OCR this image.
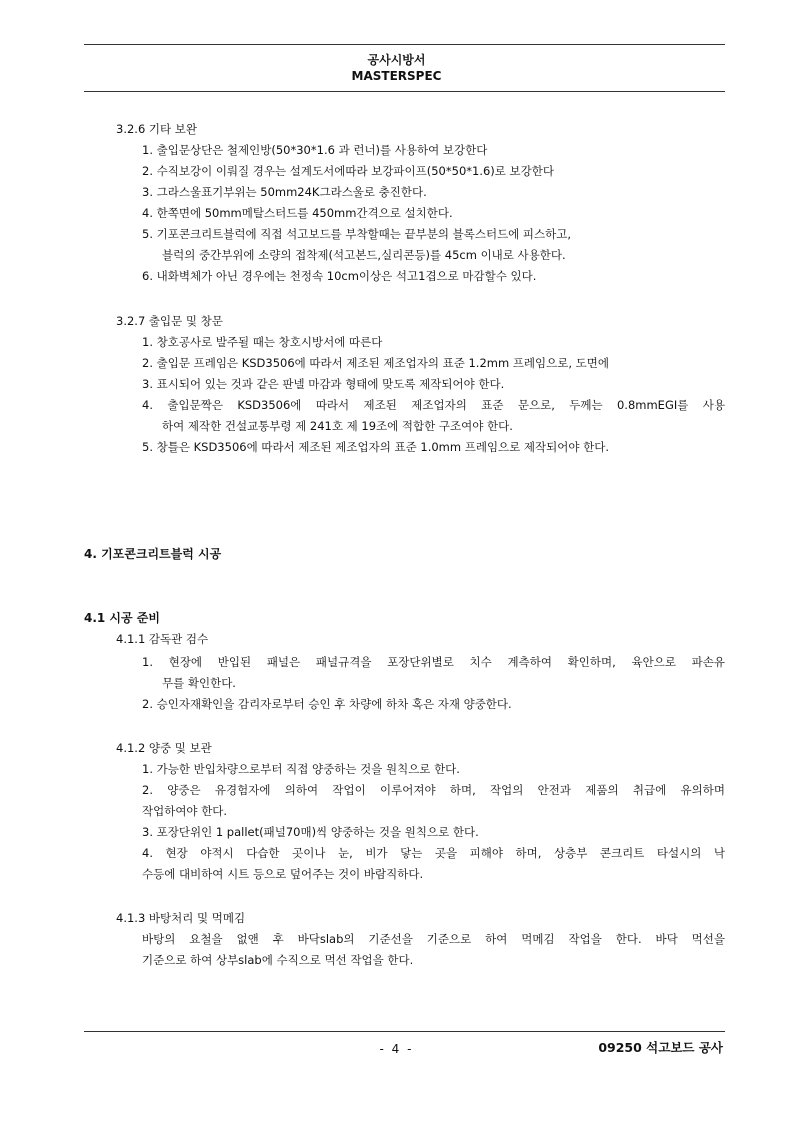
공사시방서
MASTERSPEC
3.2.6 기타 보완
1. 출입문상단은 철제인방(50*30*1.6 과 런너)를 사용하여 보강한다
2. 수직보강이 이뤄질 경우는 설계도서에따라 보강파이프(50*50*1.6)로 보강한다
3. 그라스울표기부위는 50mm24K그라스울로 충진한다.
4. 한쪽면에 50mm메탈스터드를 450mm간격으로 설치한다.
5. 기포콘크리트블럭에 직접 석고보드를 부착할때는 끝부분의 블록스터드에 피스하고,
블럭의 중간부위에 소량의 접착제(석고본드,실리콘등)를 45cm 이내로 사용한다.
6. 내화벽체가 아닌 경우에는 천정속 10cm이상은 석고1겹으로 마감할수 있다.
3.2.7 출입문 및 창문
1. 창호공사로 발주될 때는 창호시방서에 따른다
2. 출입문 프레임은 KSD3506에 따라서 제조된 제조업자의 표준 1.2mm 프레임으로, 도면에
3. 표시되어 있는 것과 같은 판넬 마감과 형태에 맞도록 제작되어야 한다.
4. 출입문짝은 KSD3506에 따라서 제조된 제조업자의 표준 문으로, 두께는 0.8mmEGI를 사용
하여 제작한 건설교통부령 제 241호 제 19조에 적합한 구조여야 한다.
5. 창틀은 KSD3506에 따라서 제조된 제조업자의 표준 1.0mm 프레임으로 제작되어야 한다.
4. 기포콘크리트블럭 시공
4.1 시공 준비
4.1.1 감독관 검수
1. 현장에 반입된 패널은 패널규격을 포장단위별로 치수 계측하여 확인하며, 육안으로 파손유
무를 확인한다.
2. 승인자재확인을 감리자로부터 승인 후 차량에 하차 혹은 자재 양중한다.
4.1.2 양중 및 보관
1. 가능한 반입차량으로부터 직접 양중하는 것을 원칙으로 한다.
2. 양중은 유경험자에 의하여 작업이 이루어져야 하며, 작업의 안전과 제품의 취급에 유의하며
작업하여야 한다.
3. 포장단위인 1 pallet(패널70매)씩 양중하는 것을 원칙으로 한다.
4. 현장 야적시 다습한 곳이나 눈, 비가 닿는 곳을 피해야 하며, 상층부 콘크리트 타설시의 낙
수등에 대비하여 시트 등으로 덮어주는 것이 바람직하다.
4.1.3 바탕처리 및 먹메김
바탕의 요철을 없앤 후 바닥slab의 기준선을 기준으로 하여 먹메김 작업을 한다. 바닥 먹선을
기준으로 하여 상부slab에 수직으로 먹선 작업을 한다.
- 4 -	09250 석고보드 공사
